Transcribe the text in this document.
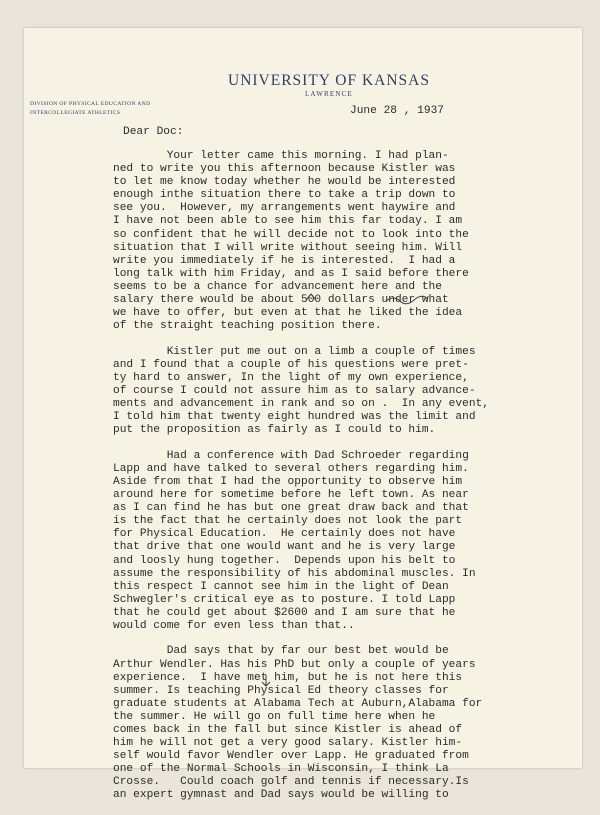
UNIVERSITY OF KANSAS
LAWRENCE
DIVISION OF PHYSICAL EDUCATION AND
INTERCOLLEGIATE ATHLETICS	June 28 , 1937
Dear Doc:
Your letter came this morning. I had plan-
ned to write you this afternoon because Kistler was
to let me know today whether he would be interested
enough inthe situation there to take a trip down to
see you.  However, my arrangements went haywire and
I have not been able to see him this far today. I am
so confident that he will decide not to look into the
situation that I will write without seeing him. Will
write you immediately if he is interested.  I had a
long talk with him Friday, and as I said before there
seems to be a chance for advancement here and the
salary there would be about 500 dollars under what
we have to offer, but even at that he liked the idea
of the straight teaching position there.
Kistler put me out on a limb a couple of times
and I found that a couple of his questions were pret-
ty hard to answer, In the light of my own experience,
of course I could not assure him as to salary advance-
ments and advancement in rank and so on .  In any event,
I told him that twenty eight hundred was the limit and
put the proposition as fairly as I could to him.
Had a conference with Dad Schroeder regarding
Lapp and have talked to several others regarding him.
Aside from that I had the opportunity to observe him
around here for sometime before he left town. As near
as I can find he has but one great draw back and that
is the fact that he certainly does not look the part
for Physical Education.  He certainly does not have
that drive that one would want and he is very large
and loosly hung together.  Depends upon his belt to
assume the responsibility of his abdominal muscles. In
this respect I cannot see him in the light of Dean
Schwegler's critical eye as to posture. I told Lapp
that he could get about $2600 and I am sure that he
would come for even less than that..
Dad says that by far our best bet would be
Arthur Wendler. Has his PhD but only a couple of years
experience.  I have met him, but he is not here this
summer. Is teaching Physical Ed theory classes for
graduate students at Alabama Tech at Auburn,Alabama for
the summer. He will go on full time here when he
comes back in the fall but since Kistler is ahead of
him he will not get a very good salary. Kistler him-
self would favor Wendler over Lapp. He graduated from
one of the Normal Schools in Wisconsin, I think La
Crosse.   Could coach golf and tennis if necessary.Is
an expert gymnast and Dad says would be willing to
